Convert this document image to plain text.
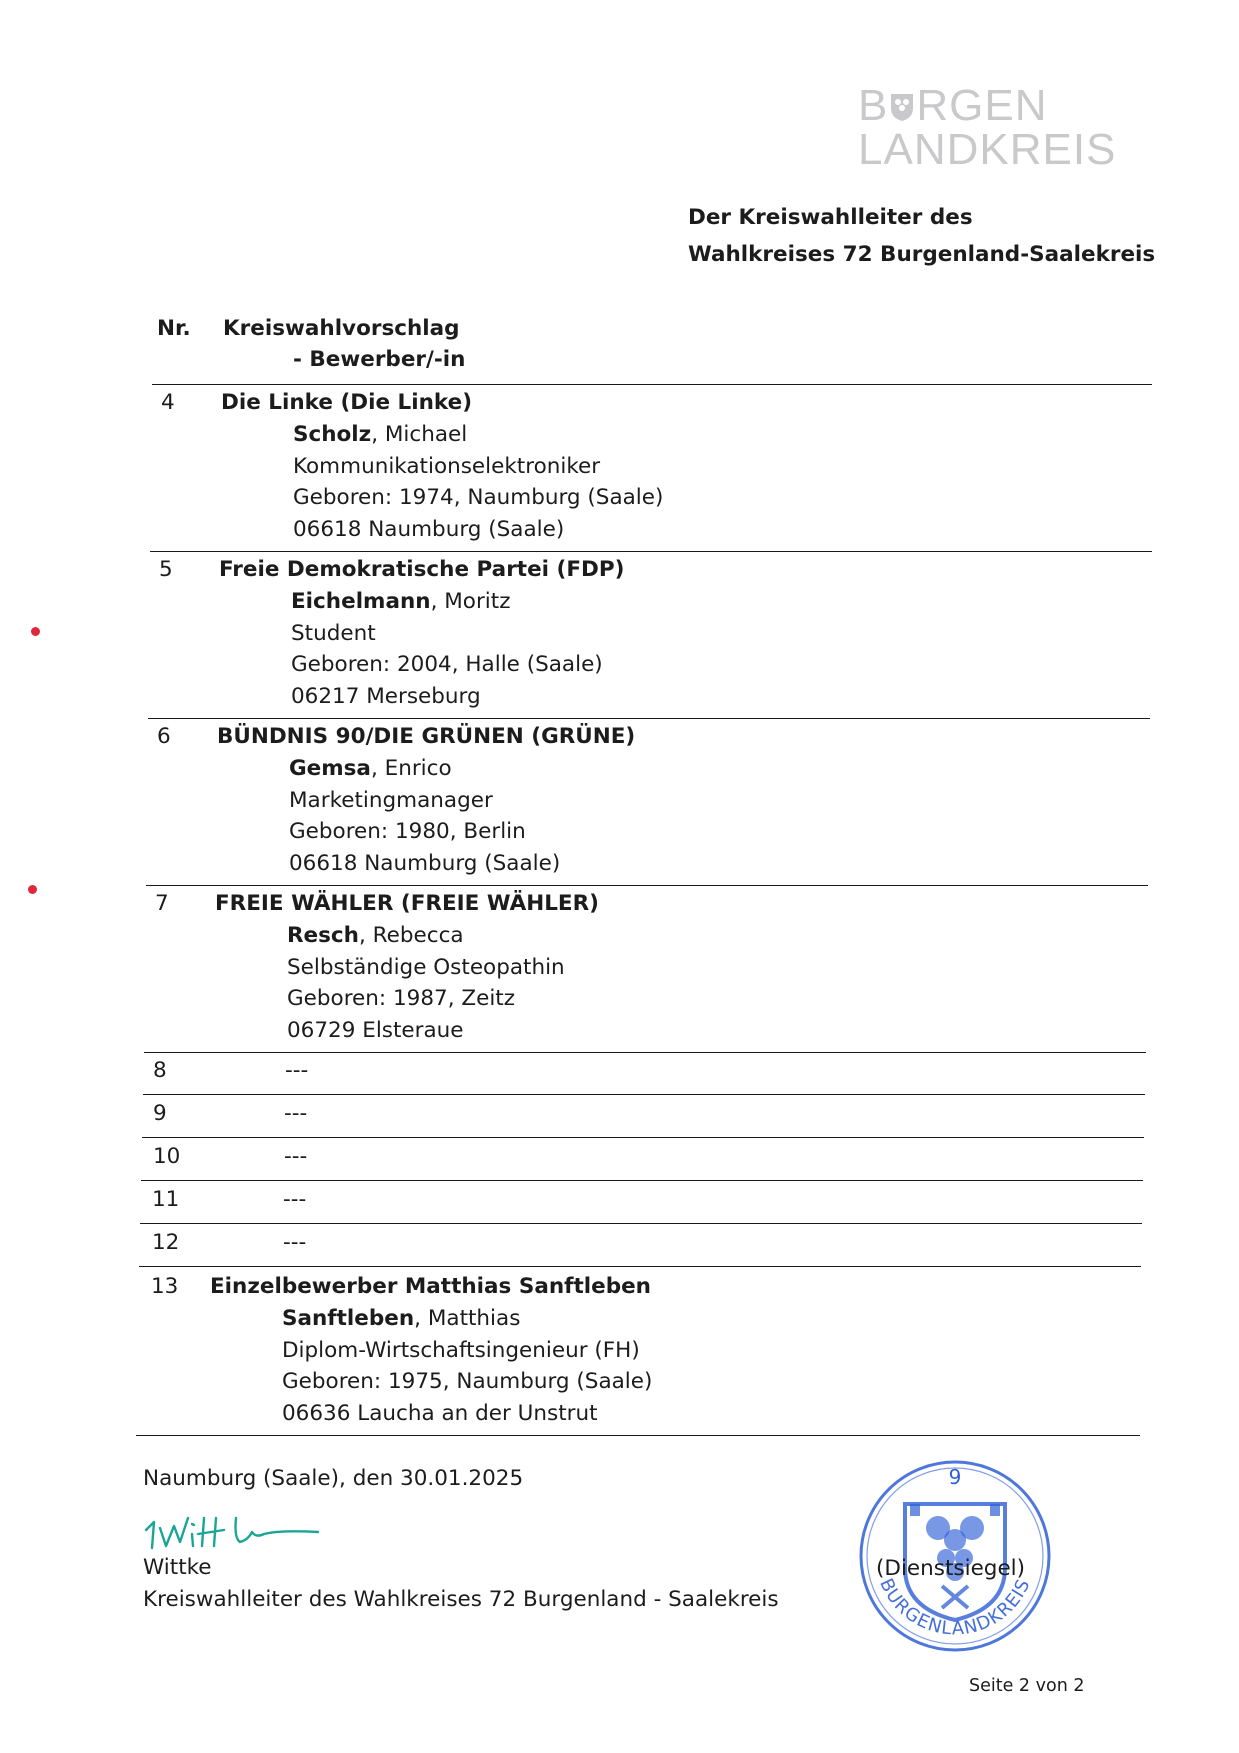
B RGEN
LANDKREIS
Der Kreiswahlleiter des
Wahlkreises 72 Burgenland-Saalekreis
Nr. Kreiswahlvorschlag
- Bewerber/-in
4 Die Linke (Die Linke)
Scholz, Michael
Kommunikationselektroniker
Geboren: 1974, Naumburg (Saale)
06618 Naumburg (Saale)
5 Freie Demokratische Partei (FDP)
Eichelmann, Moritz
Student
Geboren: 2004, Halle (Saale)
06217 Merseburg
6 BÜNDNIS 90/DIE GRÜNEN (GRÜNE)
Gemsa, Enrico
Marketingmanager
Geboren: 1980, Berlin
06618 Naumburg (Saale)
7 FREIE WÄHLER (FREIE WÄHLER)
Resch, Rebecca
Selbständige Osteopathin
Geboren: 1987, Zeitz
06729 Elsteraue
8	---
9	---
10	---
11	---
12	---
13 Einzelbewerber Matthias Sanftleben
Sanftleben, Matthias
Diplom-Wirtschaftsingenieur (FH)
Geboren: 1975, Naumburg (Saale)
06636 Laucha an der Unstrut
Naumburg (Saale), den 30.01.2025
Wittke
Kreiswahlleiter des Wahlkreises 72 Burgenland - Saalekreis
9
BURGENLANDKREIS
(Dienstsiegel)
Seite 2 von 2
